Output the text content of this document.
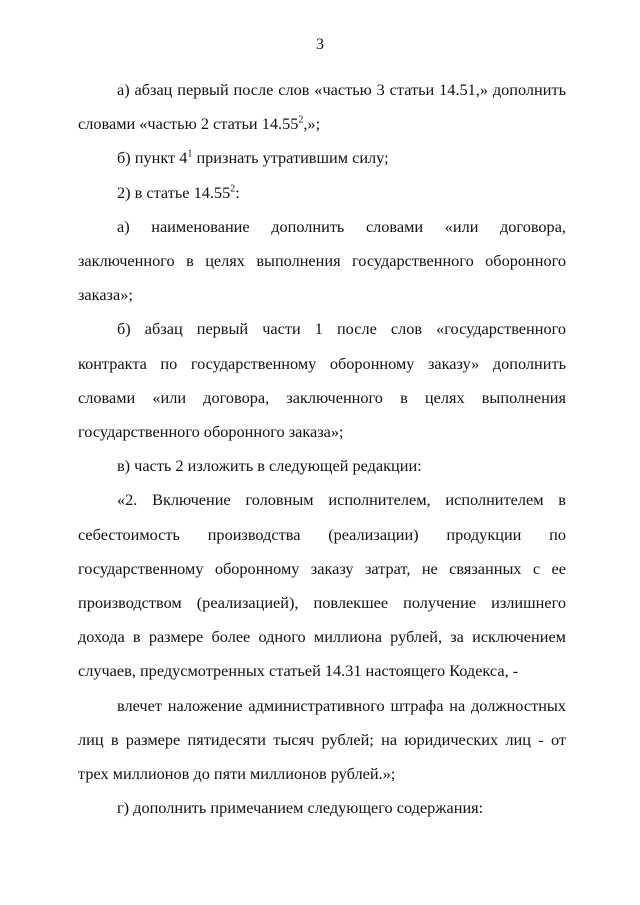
3

а) абзац первый после слов «частью 3 статьи 14.51,» дополнить словами «частью 2 статьи 14.55$^2$,»;

б) пункт $4^1$ признать утратившим силу;

2) в статье 14.55$^2$:

а) наименование дополнить словами «или договора, заключенного в целях выполнения государственного оборонного заказа»;

б) абзац первый части 1 после слов «государственного контракта по государственному оборонному заказу» дополнить словами «или договора, заключенного в целях выполнения государственного оборонного заказа»;

в) часть 2 изложить в следующей редакции:

«2. Включение головным исполнителем, исполнителем в себестоимость производства (реализации) продукции по государственному оборонному заказу затрат, не связанных с ее производством (реализацией), повлекшее получение излишнего дохода в размере более одного миллиона рублей, за исключением случаев, предусмотренных статьей 14.31 настоящего Кодекса, -

влечет наложение административного штрафа на должностных лиц в размере пятидесяти тысяч рублей; на юридических лиц - от трех миллионов до пяти миллионов рублей.»;

г) дополнить примечанием следующего содержания:
